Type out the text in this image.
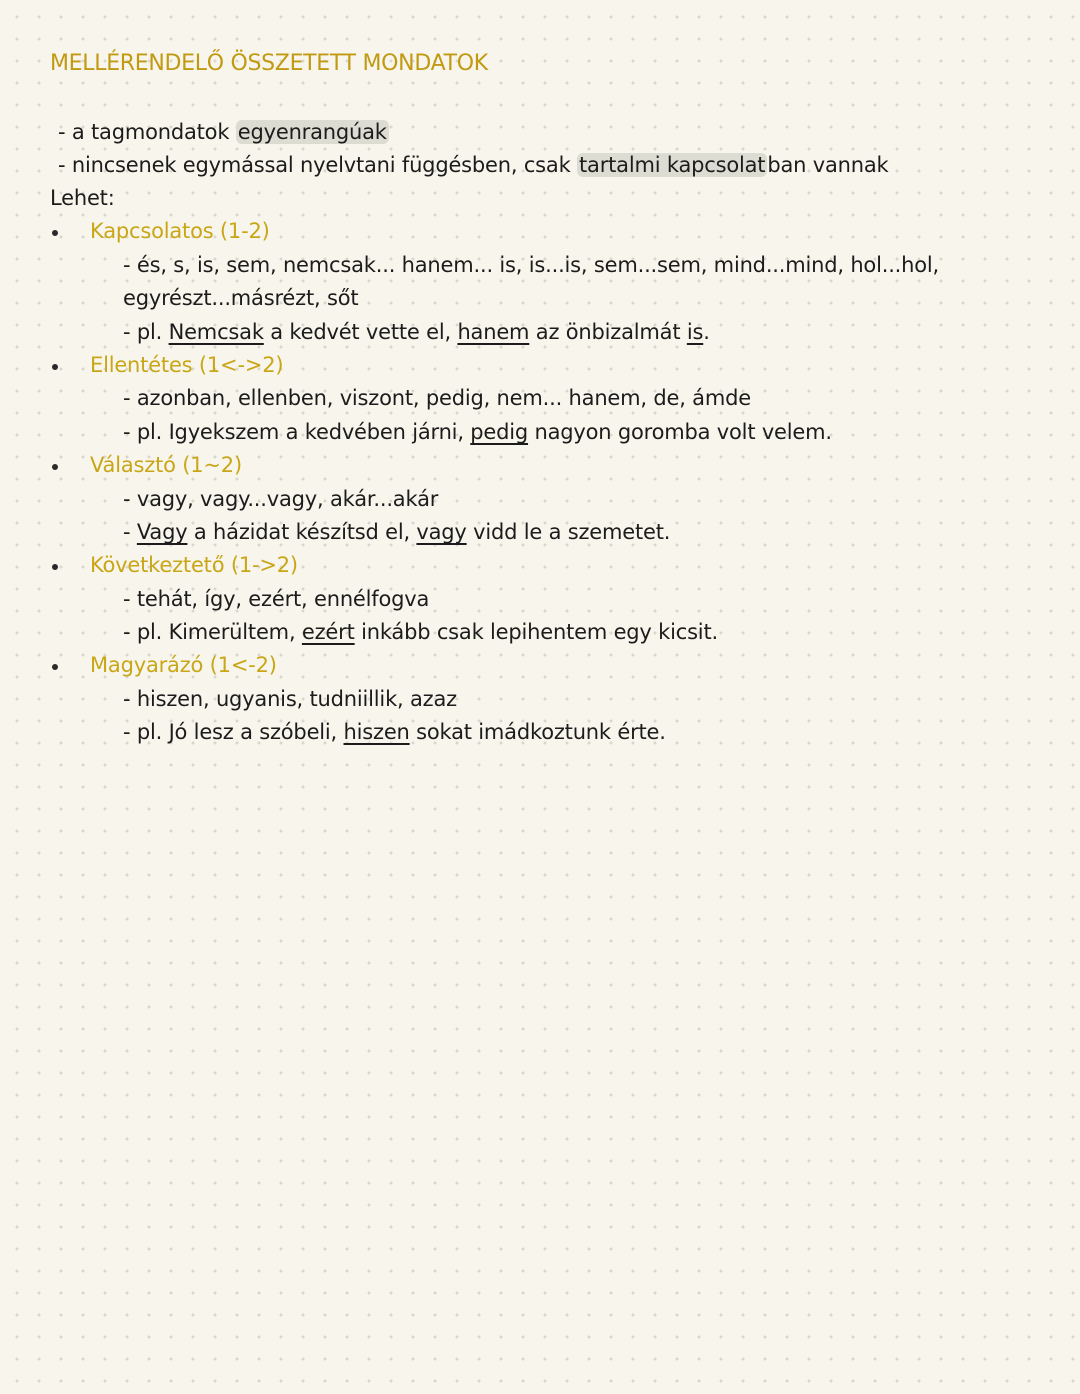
MELLÉRENDELŐ ÖSSZETETT MONDATOK
- a tagmondatok egyenrangúak
- nincsenek egymással nyelvtani függésben, csak tartalmi kapcsolatban vannak
Lehet:
Kapcsolatos (1-2)
- és, s, is, sem, nemcsak... hanem... is, is...is, sem...sem, mind...mind, hol...hol,
egyrészt...másrézt, sőt
- pl. Nemcsak a kedvét vette el, hanem az önbizalmát is.
Ellentétes (1<->2)
- azonban, ellenben, viszont, pedig, nem... hanem, de, ámde
- pl. Igyekszem a kedvében járni, pedig nagyon goromba volt velem.
Választó (1~2)
- vagy, vagy...vagy, akár...akár
- Vagy a házidat készítsd el, vagy vidd le a szemetet.
Következtető (1->2)
- tehát, így, ezért, ennélfogva
- pl. Kimerültem, ezért inkább csak lepihentem egy kicsit.
Magyarázó (1<-2)
- hiszen, ugyanis, tudniillik, azaz
- pl. Jó lesz a szóbeli, hiszen sokat imádkoztunk érte.
